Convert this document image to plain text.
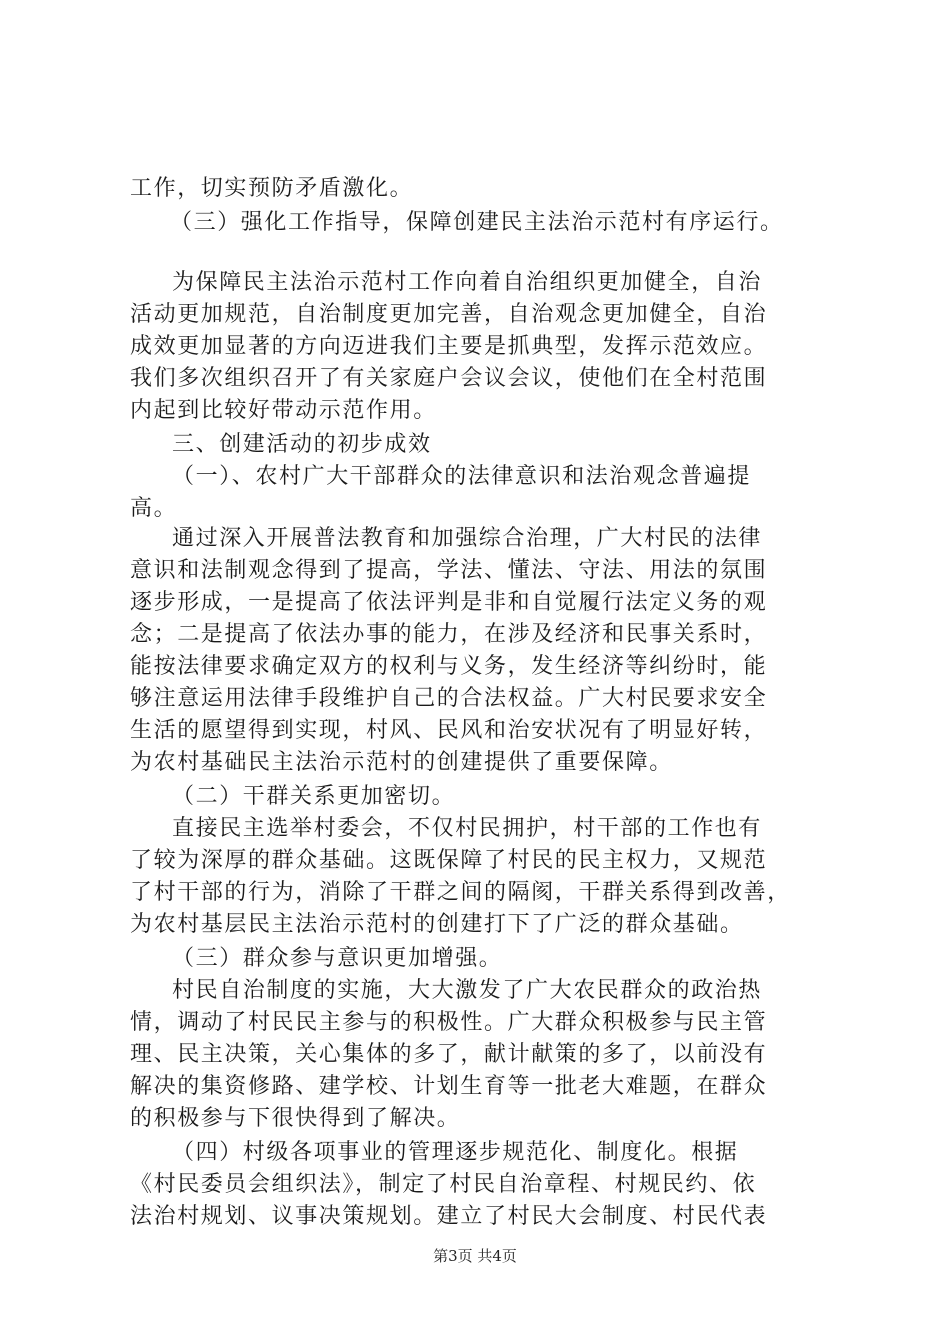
工作，切实预防矛盾激化。
（三）强化工作指导，保障创建民主法治示范村有序运行。
为保障民主法治示范村工作向着自治组织更加健全，自治
活动更加规范，自治制度更加完善，自治观念更加健全，自治
成效更加显著的方向迈进我们主要是抓典型，发挥示范效应。
我们多次组织召开了有关家庭户会议会议，使他们在全村范围
内起到比较好带动示范作用。
三、创建活动的初步成效
（一）、农村广大干部群众的法律意识和法治观念普遍提
高。
通过深入开展普法教育和加强综合治理，广大村民的法律
意识和法制观念得到了提高，学法、懂法、守法、用法的氛围
逐步形成，一是提高了依法评判是非和自觉履行法定义务的观
念；二是提高了依法办事的能力，在涉及经济和民事关系时，
能按法律要求确定双方的权利与义务，发生经济等纠纷时，能
够注意运用法律手段维护自己的合法权益。广大村民要求安全
生活的愿望得到实现，村风、民风和治安状况有了明显好转，
为农村基础民主法治示范村的创建提供了重要保障。
（二）干群关系更加密切。
直接民主选举村委会，不仅村民拥护，村干部的工作也有
了较为深厚的群众基础。这既保障了村民的民主权力，又规范
了村干部的行为，消除了干群之间的隔阂，干群关系得到改善，
为农村基层民主法治示范村的创建打下了广泛的群众基础。
（三）群众参与意识更加增强。
村民自治制度的实施，大大激发了广大农民群众的政治热
情，调动了村民民主参与的积极性。广大群众积极参与民主管
理、民主决策，关心集体的多了，献计献策的多了，以前没有
解决的集资修路、建学校、计划生育等一批老大难题，在群众
的积极参与下很快得到了解决。
（四）村级各项事业的管理逐步规范化、制度化。根据
《村民委员会组织法》，制定了村民自治章程、村规民约、依
法治村规划、议事决策规划。建立了村民大会制度、村民代表
第3页 共4页
